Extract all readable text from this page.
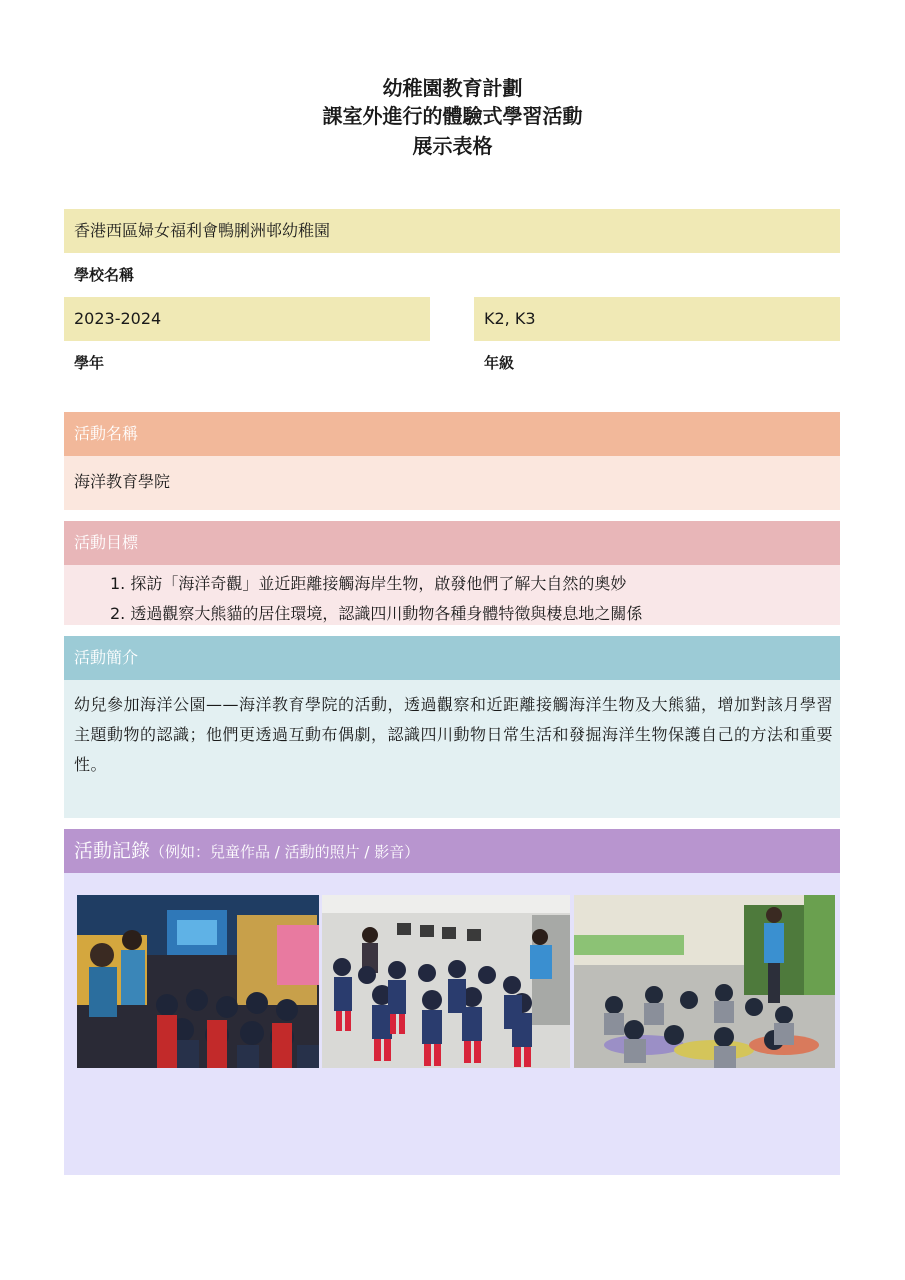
幼稚園教育計劃
課室外進行的體驗式學習活動
展示表格
香港西區婦女福利會鴨脷洲邨幼稚園
學校名稱
2023-2024
學年
K2, K3
年級
活動名稱
海洋教育學院
活動目標
1. 探訪「海洋奇觀」並近距離接觸海岸生物，啟發他們了解大自然的奧妙
2. 透過觀察大熊貓的居住環境，認識四川動物各種身體特徵與棲息地之關係
活動簡介
幼兒參加海洋公園——海洋教育學院的活動，透過觀察和近距離接觸海洋生物及大熊貓，增加對該月學習主題動物的認識；他們更透過互動布偶劇，認識四川動物日常生活和發掘海洋生物保護自己的方法和重要性。
活動記錄（例如：兒童作品 / 活動的照片 / 影音）
